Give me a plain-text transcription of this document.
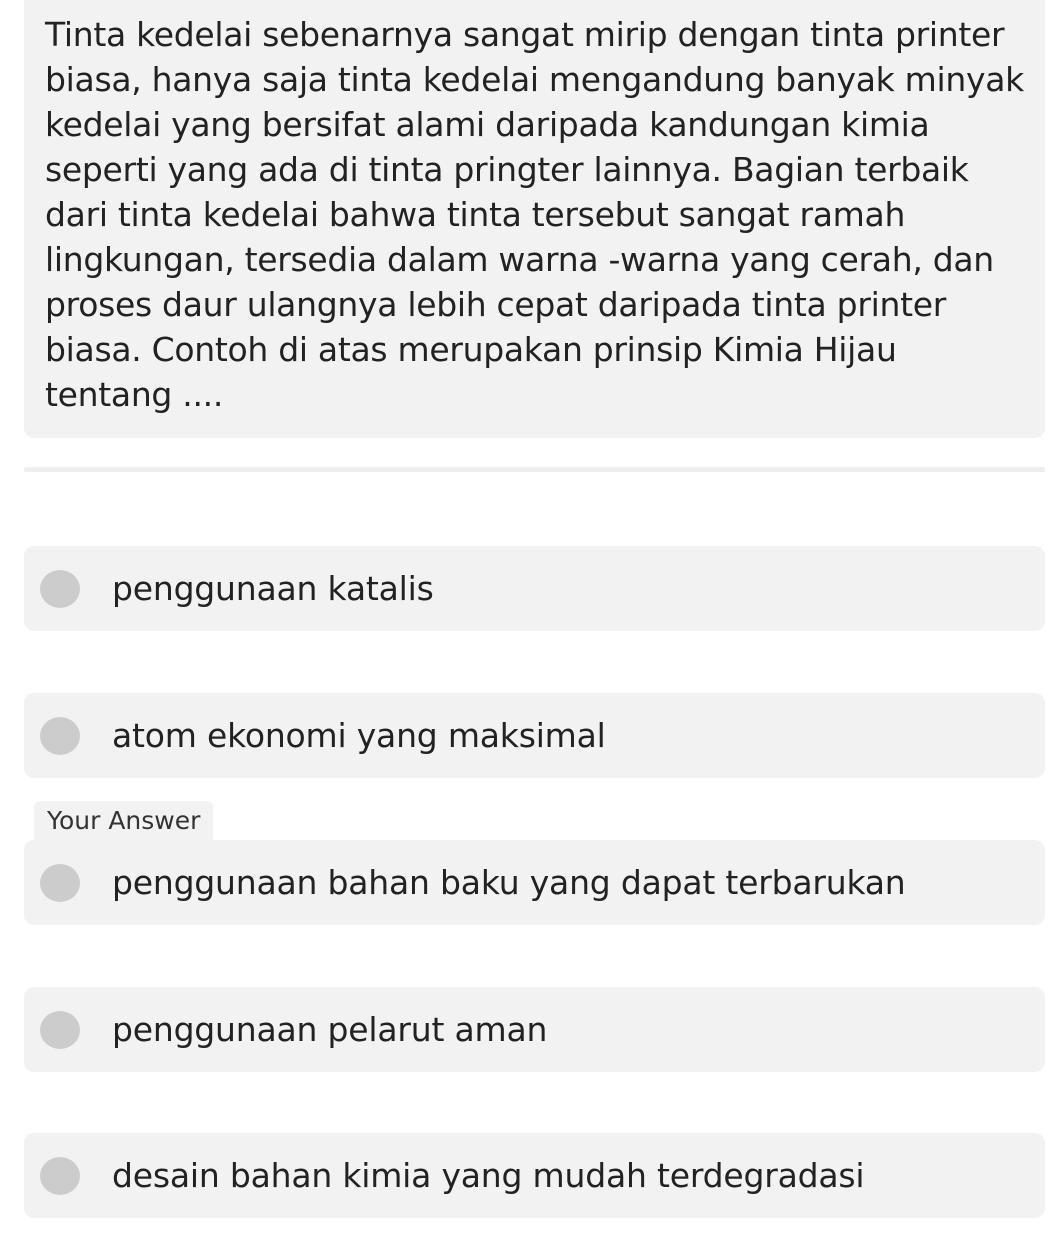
Tinta kedelai sebenarnya sangat mirip dengan tinta printer biasa, hanya saja tinta kedelai mengandung banyak minyak kedelai yang bersifat alami daripada kandungan kimia seperti yang ada di tinta pringter lainnya. Bagian terbaik dari tinta kedelai bahwa tinta tersebut sangat ramah lingkungan, tersedia dalam warna -warna yang cerah, dan proses daur ulangnya lebih cepat daripada tinta printer biasa. Contoh di atas merupakan prinsip Kimia Hijau tentang ....

penggunaan katalis
atom ekonomi yang maksimal
Your Answer
penggunaan bahan baku yang dapat terbarukan
penggunaan pelarut aman
desain bahan kimia yang mudah terdegradasi
